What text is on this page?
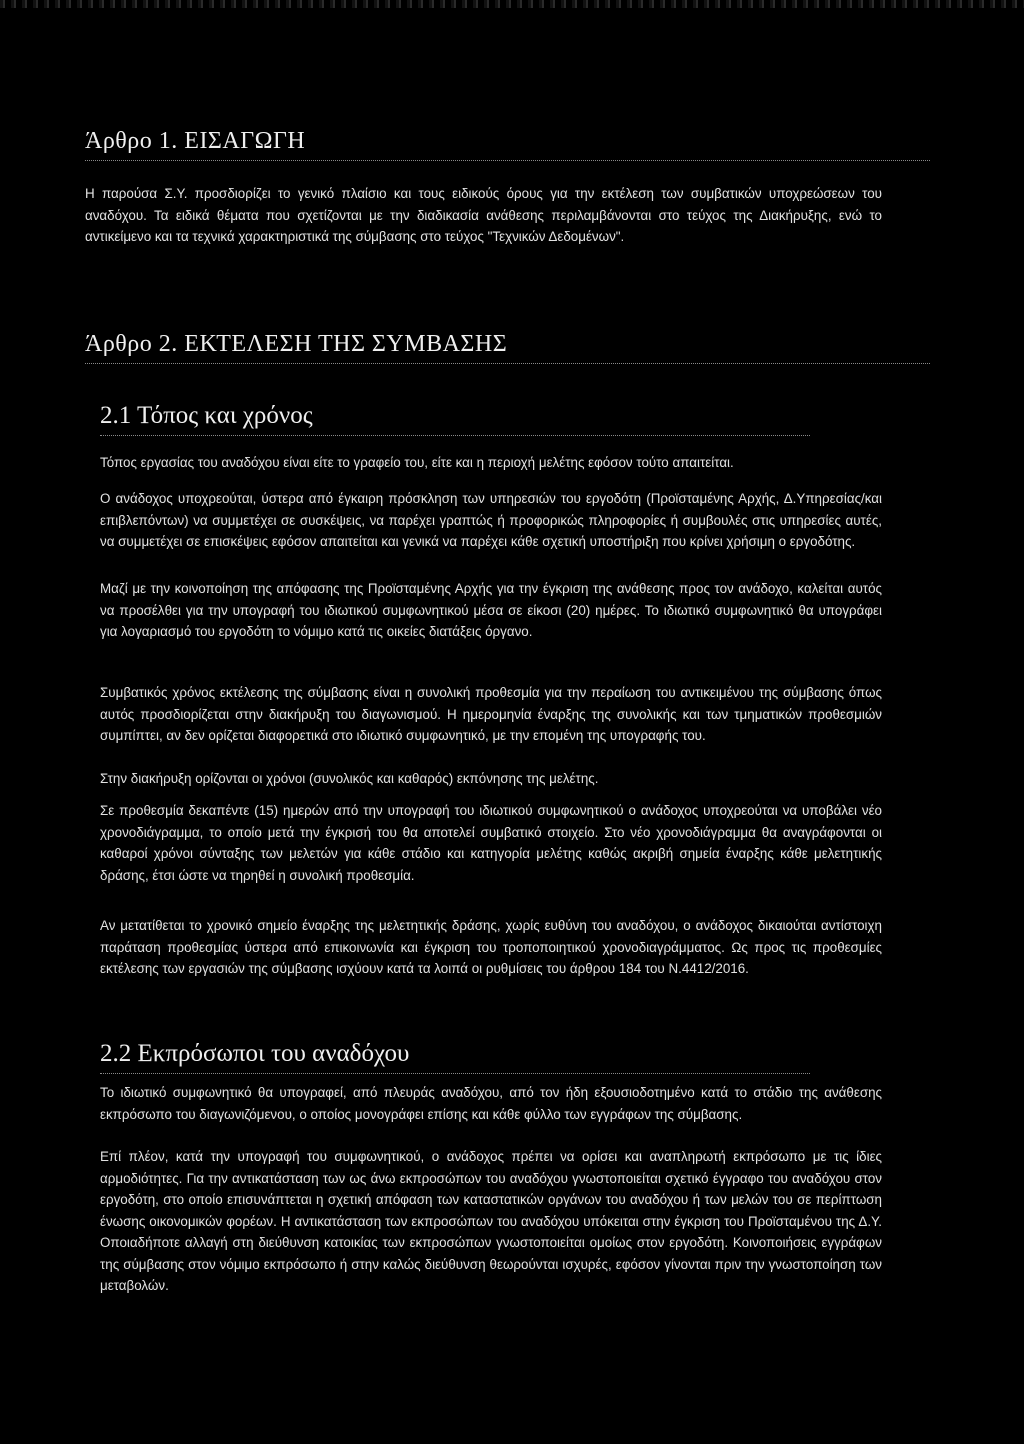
Άρθρο 1. ΕΙΣΑΓΩΓΗ

Η παρούσα Σ.Υ. προσδιορίζει το γενικό πλαίσιο και τους ειδικούς όρους για την εκτέλεση των συμβατικών υποχρεώσεων του αναδόχου. Τα ειδικά θέματα που σχετίζονται με την διαδικασία ανάθεσης περιλαμβάνονται στο τεύχος της Διακήρυξης, ενώ το αντικείμενο και τα τεχνικά χαρακτηριστικά της σύμβασης στο τεύχος "Τεχνικών Δεδομένων".

Άρθρο 2. ΕΚΤΕΛΕΣΗ ΤΗΣ ΣΥΜΒΑΣΗΣ
2.1 Τόπος και χρόνος

Τόπος εργασίας του αναδόχου είναι είτε το γραφείο του, είτε και η περιοχή μελέτης εφόσον τούτο απαιτείται.

Ο ανάδοχος υποχρεούται, ύστερα από έγκαιρη πρόσκληση των υπηρεσιών του εργοδότη (Προϊσταμένης Αρχής, Δ.Υπηρεσίας/και επιβλεπόντων) να συμμετέχει σε συσκέψεις, να παρέχει γραπτώς ή προφορικώς πληροφορίες ή συμβουλές στις υπηρεσίες αυτές, να συμμετέχει σε επισκέψεις εφόσον απαιτείται και γενικά να παρέχει κάθε σχετική υποστήριξη που κρίνει χρήσιμη ο εργοδότης.

Μαζί με την κοινοποίηση της απόφασης της Προϊσταμένης Αρχής για την έγκριση της ανάθεσης προς τον ανάδοχο, καλείται αυτός να προσέλθει για την υπογραφή του ιδιωτικού συμφωνητικού μέσα σε είκοσι (20) ημέρες. Το ιδιωτικό συμφωνητικό θα υπογράφει για λογαριασμό του εργοδότη το νόμιμο κατά τις οικείες διατάξεις όργανο.

Συμβατικός χρόνος εκτέλεσης της σύμβασης είναι η συνολική προθεσμία για την περαίωση του αντικειμένου της σύμβασης όπως αυτός προσδιορίζεται στην διακήρυξη του διαγωνισμού. Η ημερομηνία έναρξης της συνολικής και των τμηματικών προθεσμιών συμπίπτει, αν δεν ορίζεται διαφορετικά στο ιδιωτικό συμφωνητικό, με την επομένη της υπογραφής του.

Στην διακήρυξη ορίζονται οι χρόνοι (συνολικός και καθαρός) εκπόνησης της μελέτης.

Σε προθεσμία δεκαπέντε (15) ημερών από την υπογραφή του ιδιωτικού συμφωνητικού ο ανάδοχος υποχρεούται να υποβάλει νέο χρονοδιάγραμμα, το οποίο μετά την έγκρισή του θα αποτελεί συμβατικό στοιχείο. Στο νέο χρονοδιάγραμμα θα αναγράφονται οι καθαροί χρόνοι σύνταξης των μελετών για κάθε στάδιο και κατηγορία μελέτης καθώς ακριβή σημεία έναρξης κάθε μελετητικής δράσης, έτσι ώστε να τηρηθεί η συνολική προθεσμία.

Αν μετατίθεται το χρονικό σημείο έναρξης της μελετητικής δράσης, χωρίς ευθύνη του αναδόχου, ο ανάδοχος δικαιούται αντίστοιχη παράταση προθεσμίας ύστερα από επικοινωνία και έγκριση του τροποποιητικού χρονοδιαγράμματος. Ως προς τις προθεσμίες εκτέλεσης των εργασιών της σύμβασης ισχύουν κατά τα λοιπά οι ρυθμίσεις του άρθρου 184 του Ν.4412/2016.

2.2 Εκπρόσωποι του αναδόχου

Το ιδιωτικό συμφωνητικό θα υπογραφεί, από πλευράς αναδόχου, από τον ήδη εξουσιοδοτημένο κατά το στάδιο της ανάθεσης εκπρόσωπο του διαγωνιζόμενου, ο οποίος μονογράφει επίσης και κάθε φύλλο των εγγράφων της σύμβασης.

Επί πλέον, κατά την υπογραφή του συμφωνητικού, ο ανάδοχος πρέπει να ορίσει και αναπληρωτή εκπρόσωπο με τις ίδιες αρμοδιότητες. Για την αντικατάσταση των ως άνω εκπροσώπων του αναδόχου γνωστοποιείται σχετικό έγγραφο του αναδόχου στον εργοδότη, στο οποίο επισυνάπτεται η σχετική απόφαση των καταστατικών οργάνων του αναδόχου ή των μελών του σε περίπτωση ένωσης οικονομικών φορέων. Η αντικατάσταση των εκπροσώπων του αναδόχου υπόκειται στην έγκριση του Προϊσταμένου της Δ.Υ. Οποιαδήποτε αλλαγή στη διεύθυνση κατοικίας των εκπροσώπων γνωστοποιείται ομοίως στον εργοδότη. Κοινοποιήσεις εγγράφων της σύμβασης στον νόμιμο εκπρόσωπο ή στην καλώς διεύθυνση θεωρούνται ισχυρές, εφόσον γίνονται πριν την γνωστοποίηση των μεταβολών.
